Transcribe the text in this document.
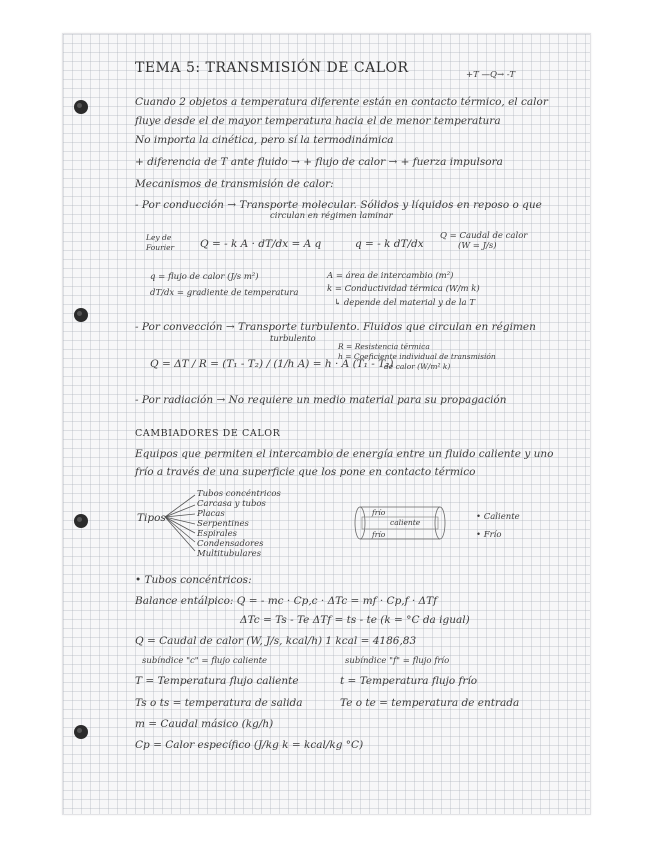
TEMA 5: TRANSMISIÓN DE CALOR	+T —Q→ -T
Cuando 2 objetos a temperatura diferente están en contacto térmico, el calor
fluye desde el de mayor temperatura hacia el de menor temperatura
No importa la cinética, pero sí la termodinámica
+ diferencia de T ante fluido → + flujo de calor → + fuerza impulsora
Mecanismos de transmisión de calor:
- Por conducción → Transporte molecular. Sólidos y líquidos en reposo o que
circulan en régimen laminar
Ley de
Fourier Q = - k A · dT/dx = A q	q = - k dT/dx
Q = Caudal de calor
(W = J/s)
q = flujo de calor (J/s m²)
dT/dx = gradiente de temperatura
A = área de intercambio (m²)
k = Conductividad térmica (W/m k)
↳ depende del material y de la T
- Por convección → Transporte turbulento. Fluidos que circulan en régimen
turbulento
Q = ΔT / R = (T₁ - T₂) / (1/h A) = h · A (T₁ - T₂)
R = Resistencia térmica
h = Coeficiente individual de transmisión
de calor (W/m² k)
- Por radiación → No requiere un medio material para su propagación
CAMBIADORES DE CALOR
Equipos que permiten el intercambio de energía entre un fluido caliente y uno
frío a través de una superficie que los pone en contacto térmico
Tipos
Tubos concéntricos
Carcasa y tubos
Placas
Serpentines
Espirales
Condensadores
Multitubulares
frío
caliente
frío
• Caliente
• Frío
• Tubos concéntricos:
Balance entálpico: Q = - mc · Cp,c · ΔTc = mf · Cp,f · ΔTf
ΔTc = Ts - Te ΔTf = ts - te (k = °C da igual)
Q = Caudal de calor (W, J/s, kcal/h) 1 kcal = 4186,83
subíndice "c" = flujo caliente	subíndice "f" = flujo frío
T = Temperatura flujo caliente	t = Temperatura flujo frío
Ts o ts = temperatura de salida	Te o te = temperatura de entrada
m = Caudal másico (kg/h)
Cp = Calor específico (J/kg k = kcal/kg °C)
